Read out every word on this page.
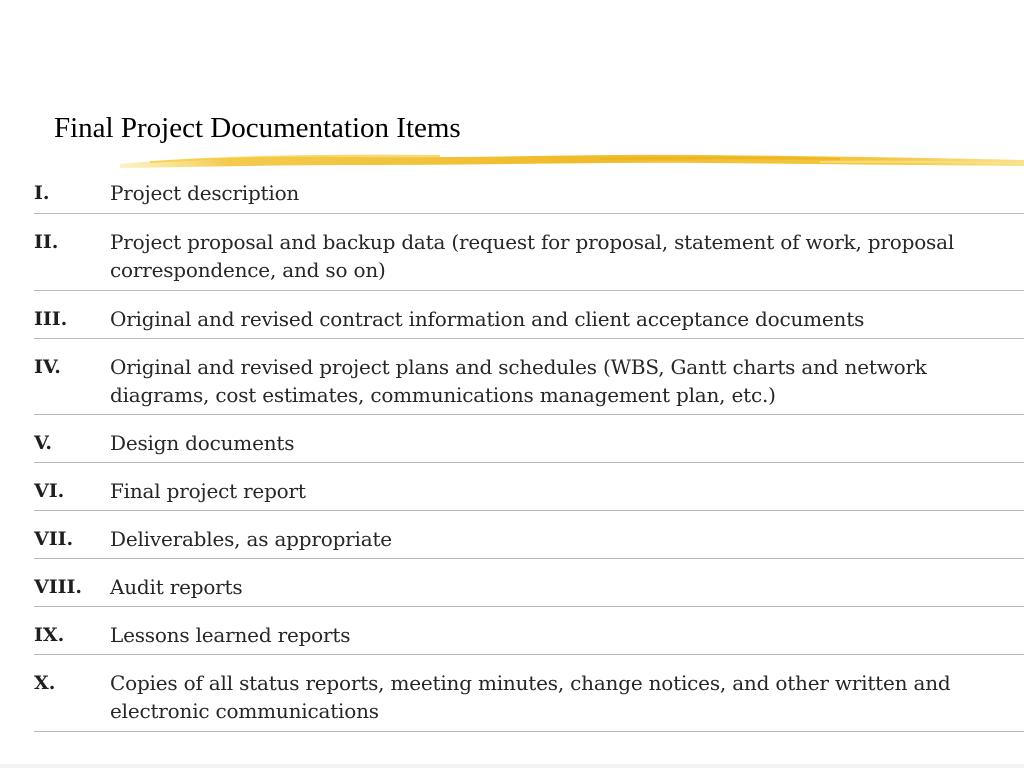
Final Project Documentation Items
I.	Project description
II.	Project proposal and backup data (request for proposal, statement of work, proposal correspondence, and so on)
III.	Original and revised contract information and client acceptance documents
IV.	Original and revised project plans and schedules (WBS, Gantt charts and network diagrams, cost estimates, communications management plan, etc.)
V.	Design documents
VI.	Final project report
VII.	Deliverables, as appropriate
VIII.	Audit reports
IX.	Lessons learned reports
X.	Copies of all status reports, meeting minutes, change notices, and other written and electronic communications
